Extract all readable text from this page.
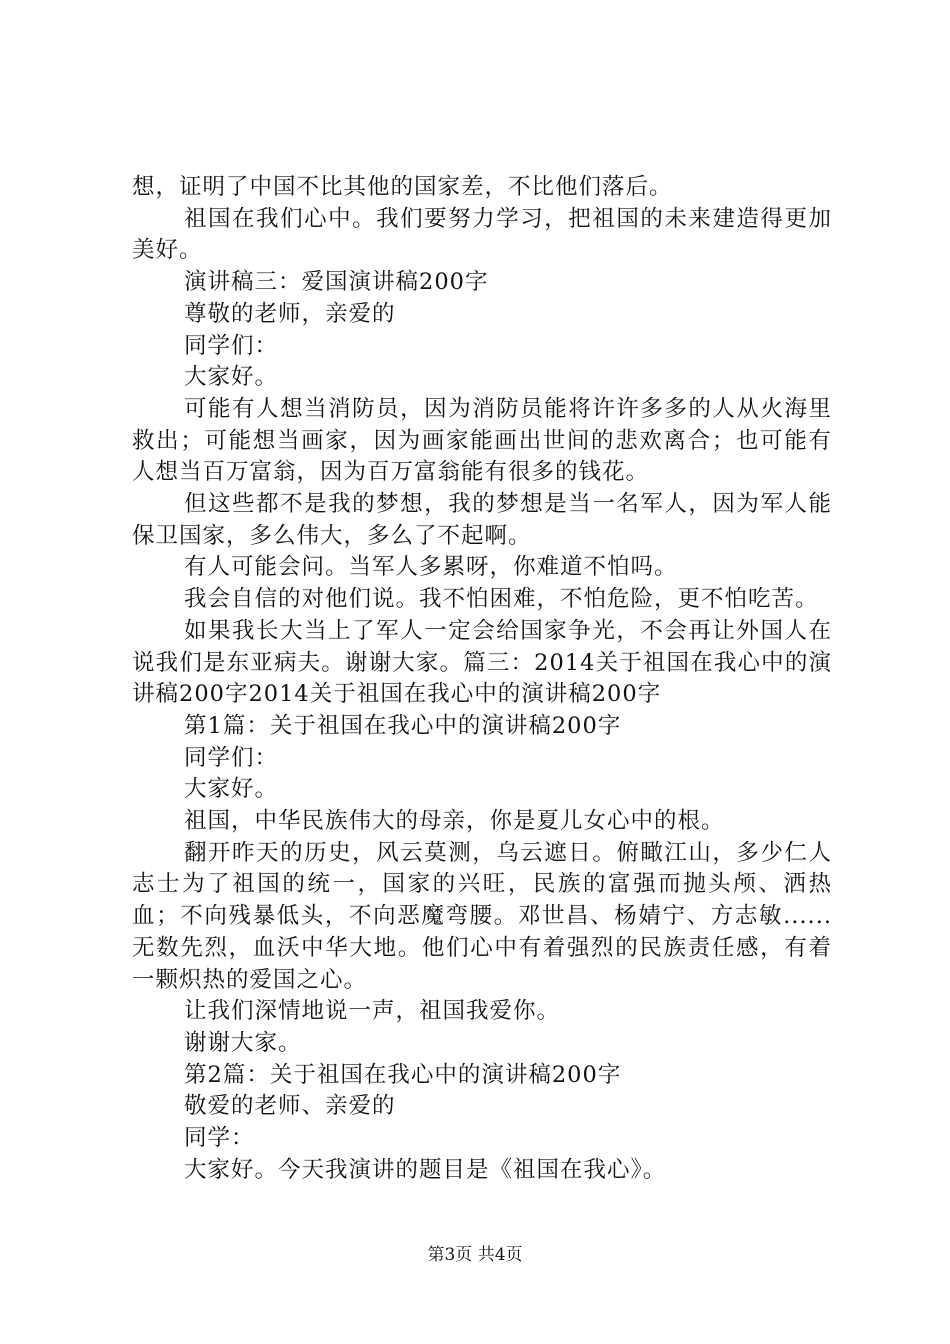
想，证明了中国不比其他的国家差，不比他们落后。

祖国在我们心中。我们要努力学习，把祖国的未来建造得更加美好。

演讲稿三：爱国演讲稿200字

尊敬的老师，亲爱的

同学们：

大家好。

可能有人想当消防员，因为消防员能将许许多多的人从火海里救出；可能想当画家，因为画家能画出世间的悲欢离合；也可能有人想当百万富翁，因为百万富翁能有很多的钱花。

但这些都不是我的梦想，我的梦想是当一名军人，因为军人能保卫国家，多么伟大，多么了不起啊。

有人可能会问。当军人多累呀，你难道不怕吗。

我会自信的对他们说。我不怕困难，不怕危险，更不怕吃苦。

如果我长大当上了军人一定会给国家争光，不会再让外国人在说我们是东亚病夫。谢谢大家。篇三：2014关于祖国在我心中的演讲稿200字2014关于祖国在我心中的演讲稿200字

第1篇：关于祖国在我心中的演讲稿200字

同学们：

大家好。

祖国，中华民族伟大的母亲，你是夏儿女心中的根。

翻开昨天的历史，风云莫测，乌云遮日。俯瞰江山，多少仁人志士为了祖国的统一，国家的兴旺，民族的富强而抛头颅、洒热血；不向残暴低头，不向恶魔弯腰。邓世昌、杨婧宁、方志敏......无数先烈，血沃中华大地。他们心中有着强烈的民族责任感，有着一颗炽热的爱国之心。

让我们深情地说一声，祖国我爱你。

谢谢大家。

第2篇：关于祖国在我心中的演讲稿200字

敬爱的老师、亲爱的

同学：

大家好。今天我演讲的题目是《祖国在我心》。

第3页 共4页
